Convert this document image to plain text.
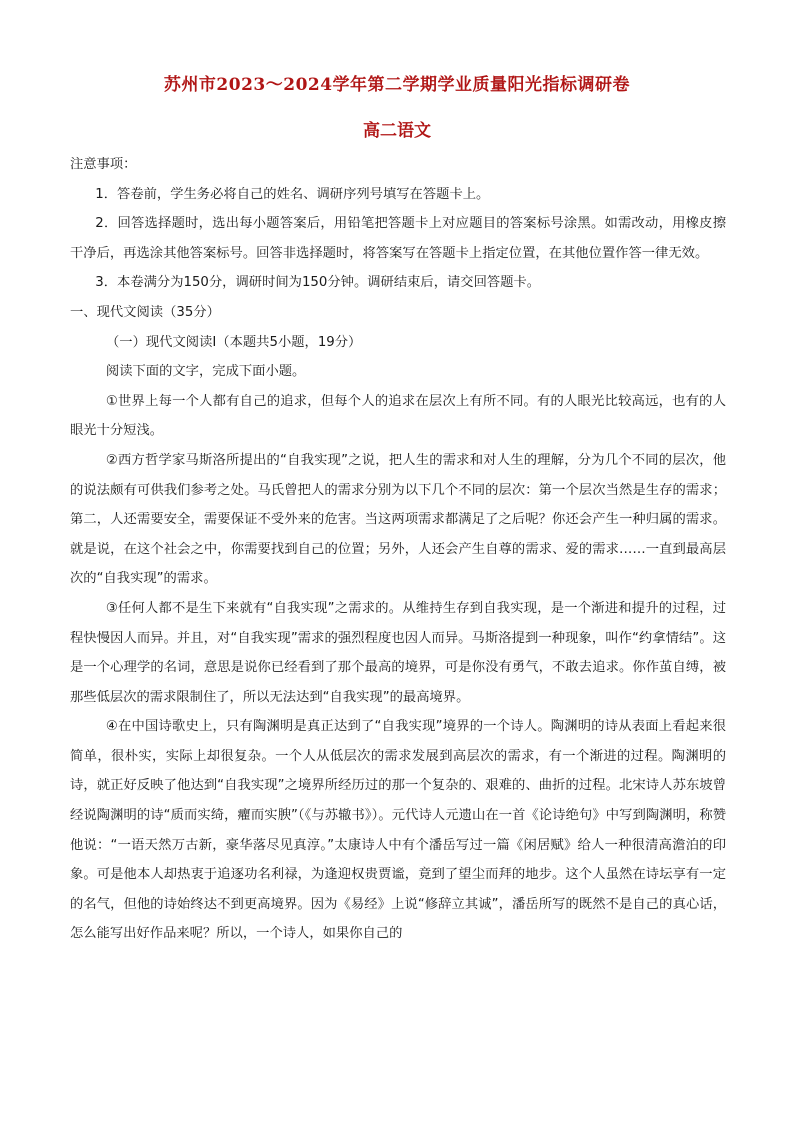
苏州市2023～2024学年第二学期学业质量阳光指标调研卷
高二语文

注意事项：

1．答卷前，学生务必将自己的姓名、调研序列号填写在答题卡上。

2．回答选择题时，选出每小题答案后，用铅笔把答题卡上对应题目的答案标号涂黑。如需改动，用橡皮擦干净后，再选涂其他答案标号。回答非选择题时，将答案写在答题卡上指定位置，在其他位置作答一律无效。

3．本卷满分为150分，调研时间为150分钟。调研结束后，请交回答题卡。

一、现代文阅读（35分）

（一）现代文阅读Ⅰ（本题共5小题，19分）

阅读下面的文字，完成下面小题。

①世界上每一个人都有自己的追求，但每个人的追求在层次上有所不同。有的人眼光比较高远，也有的人眼光十分短浅。

②西方哲学家马斯洛所提出的“自我实现”之说，把人生的需求和对人生的理解，分为几个不同的层次，他的说法颇有可供我们参考之处。马氏曾把人的需求分别为以下几个不同的层次：第一个层次当然是生存的需求；第二，人还需要安全，需要保证不受外来的危害。当这两项需求都满足了之后呢？你还会产生一种归属的需求。就是说，在这个社会之中，你需要找到自己的位置；另外，人还会产生自尊的需求、爱的需求……一直到最高层次的“自我实现”的需求。

③任何人都不是生下来就有“自我实现”之需求的。从维持生存到自我实现，是一个渐进和提升的过程，过程快慢因人而异。并且，对“自我实现”需求的强烈程度也因人而异。马斯洛提到一种现象，叫作“约拿情结”。这是一个心理学的名词，意思是说你已经看到了那个最高的境界，可是你没有勇气，不敢去追求。你作茧自缚，被那些低层次的需求限制住了，所以无法达到“自我实现”的最高境界。

④在中国诗歌史上，只有陶渊明是真正达到了“自我实现”境界的一个诗人。陶渊明的诗从表面上看起来很简单，很朴实，实际上却很复杂。一个人从低层次的需求发展到高层次的需求，有一个渐进的过程。陶渊明的诗，就正好反映了他达到“自我实现”之境界所经历过的那一个复杂的、艰难的、曲折的过程。北宋诗人苏东坡曾经说陶渊明的诗“质而实绮，癯而实腴”（《与苏辙书》）。元代诗人元遗山在一首《论诗绝句》中写到陶渊明，称赞他说：“一语天然万古新，豪华落尽见真淳。”太康诗人中有个潘岳写过一篇《闲居赋》给人一种很清高澹泊的印象。可是他本人却热衷于追逐功名利禄，为逢迎权贵贾谧，竟到了望尘而拜的地步。这个人虽然在诗坛享有一定的名气，但他的诗始终达不到更高境界。因为《易经》上说“修辞立其诚”，潘岳所写的既然不是自己的真心话，怎么能写出好作品来呢？所以，一个诗人，如果你自己的
